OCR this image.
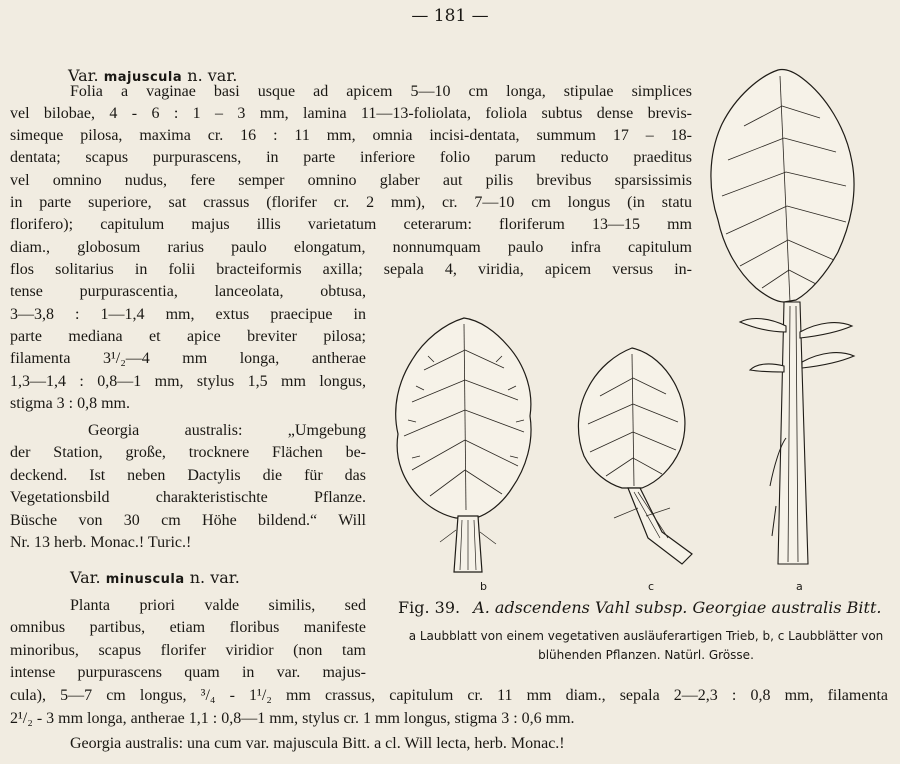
— 181 —
Var. majuscula n. var.
Folia a vaginae basi usque ad apicem 5—10 cm longa, stipulae simplices
vel bilobae, 4 - 6 : 1 – 3 mm, lamina 11—13-foliolata, foliola subtus dense brevis-
simeque pilosa, maxima cr. 16 : 11 mm, omnia incisi-dentata, summum 17 – 18-
dentata; scapus purpurascens, in parte inferiore folio parum reducto praeditus
vel omnino nudus, fere semper omnino glaber aut pilis brevibus sparsissimis
in parte superiore, sat crassus (florifer cr. 2 mm), cr. 7—10 cm longus (in statu
florifero); capitulum majus illis varietatum ceterarum: floriferum 13—15 mm
diam., globosum rarius paulo elongatum, nonnumquam paulo infra capitulum
flos solitarius in folii bracteiformis axilla; sepala 4, viridia, apicem versus in-
tense purpurascentia, lanceolata, obtusa,
3—3,8 : 1—1,4 mm, extus praecipue in
parte mediana et apice breviter pilosa;
filamenta 3¹/₂—4 mm longa, antherae
1,3—1,4 : 0,8—1 mm, stylus 1,5 mm longus,
stigma 3 : 0,8 mm.
Georgia australis: „Umgebung
der Station, große, trocknere Flächen be-
deckend. Ist neben Dactylis die für das
Vegetationsbild charakteristischte Pflanze.
Büsche von 30 cm Höhe bildend.“ Will
Nr. 13 herb. Monac.! Turic.!
Var. minuscula n. var.
Planta priori valde similis, sed
omnibus partibus, etiam floribus manifeste
minoribus, scapus florifer viridior (non tam
intense purpurascens quam in var. majus-
cula), 5—7 cm longus, ³/₄ - 1¹/₂ mm crassus, capitulum cr. 11 mm diam., sepala 2—2,3 : 0,8 mm, filamenta
2¹/₂ - 3 mm longa, antherae 1,1 : 0,8—1 mm, stylus cr. 1 mm longus, stigma 3 : 0,6 mm.
Georgia australis: una cum var. majuscula Bitt. a cl. Will lecta, herb. Monac.!
b	c	a
Fig. 39. A. adscendens Vahl subsp. Georgiae australis Bitt.
a Laubblatt von einem vegetativen ausläuferartigen Trieb, b, c Laubblätter von blühenden Pflanzen. Natürl. Grösse.
